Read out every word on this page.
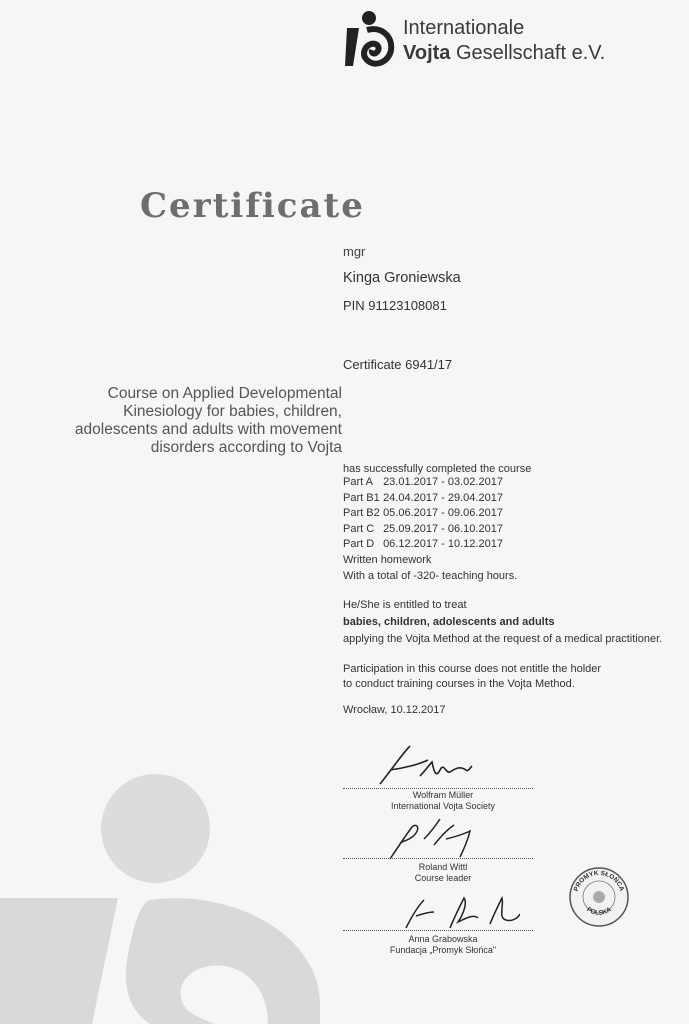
Internationale
Vojta Gesellschaft e.V.
Certificate
mgr
Kinga Groniewska
PIN 91123108081
Certificate 6941/17
Course on Applied Developmental
Kinesiology for babies, children,
adolescents and adults with movement
disorders according to Vojta
has successfully completed the course
Part A 23.01.2017 - 03.02.2017
Part B1 24.04.2017 - 29.04.2017
Part B2 05.06.2017 - 09.06.2017
Part C 25.09.2017 - 06.10.2017
Part D 06.12.2017 - 10.12.2017
Written homework
With a total of -320- teaching hours.
He/She is entitled to treat
babies, children, adolescents and adults
applying the Vojta Method at the request of a medical practitioner.
Participation in this course does not entitle the holder
to conduct training courses in the Vojta Method.
Wrocław, 10.12.2017
Wolfram Müller
International Vojta Society
Roland Wittl
Course leader
Anna Grabowska
Fundacja „Promyk Słońca"
PROMYK SŁOŃCA
POLSKA
